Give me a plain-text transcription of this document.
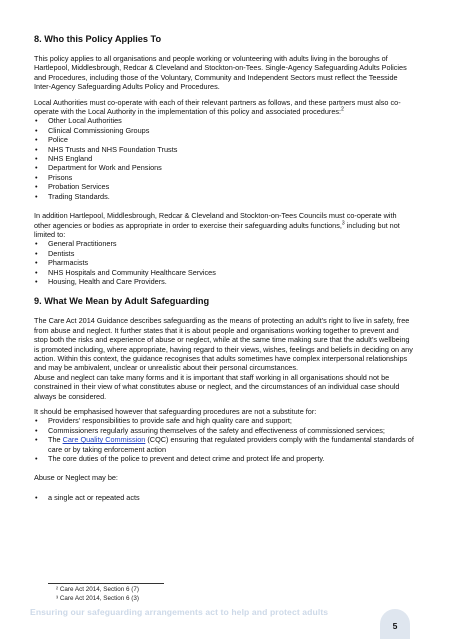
8. Who this Policy Applies To

This policy applies to all organisations and people working or volunteering with adults living in the boroughs of Hartlepool, Middlesbrough, Redcar & Cleveland and Stockton-on-Tees. Single-Agency Safeguarding Adults Policies and Procedures, including those of the Voluntary, Community and Independent Sectors must reflect the Teesside Inter-Agency Safeguarding Adults Policy and Procedures.

Local Authorities must co-operate with each of their relevant partners as follows, and these partners must also co-operate with the Local Authority in the implementation of this policy and associated procedures:$^2$

• Other Local Authorities
• Clinical Commissioning Groups
• Police
• NHS Trusts and NHS Foundation Trusts
• NHS England
• Department for Work and Pensions
• Prisons
• Probation Services
• Trading Standards.

In addition Hartlepool, Middlesbrough, Redcar & Cleveland and Stockton-on-Tees Councils must co-operate with other agencies or bodies as appropriate in order to exercise their safeguarding adults functions,$^3$ including but not limited to:

• General Practitioners
• Dentists
• Pharmacists
• NHS Hospitals and Community Healthcare Services
• Housing, Health and Care Providers.
9. What We Mean by Adult Safeguarding

The Care Act 2014 Guidance describes safeguarding as the means of protecting an adult’s right to live in safety, free from abuse and neglect. It further states that it is about people and organisations working together to prevent and stop both the risks and experience of abuse or neglect, while at the same time making sure that the adult’s wellbeing is promoted including, where appropriate, having regard to their views, wishes, feelings and beliefs in deciding on any action. Within this context, the guidance recognises that adults sometimes have complex interpersonal relationships and may be ambivalent, unclear or unrealistic about their personal circumstances.

Abuse and neglect can take many forms and it is important that staff working in all organisations should not be constrained in their view of what constitutes abuse or neglect, and the circumstances of an individual case should always be considered.

It should be emphasised however that safeguarding procedures are not a substitute for:

• Providers’ responsibilities to provide safe and high quality care and support;
• Commissioners regularly assuring themselves of the safety and effectiveness of commissioned services;
• The Care Quality Commission (CQC) ensuring that regulated providers comply with the fundamental standards of care or by taking enforcement action
• The core duties of the police to prevent and detect crime and protect life and property.

Abuse or Neglect may be:

• a single act or repeated acts
² Care Act 2014, Section 6 (7)
³ Care Act 2014, Section 6 (3)
Ensuring our safeguarding arrangements act to help and protect adults
5
